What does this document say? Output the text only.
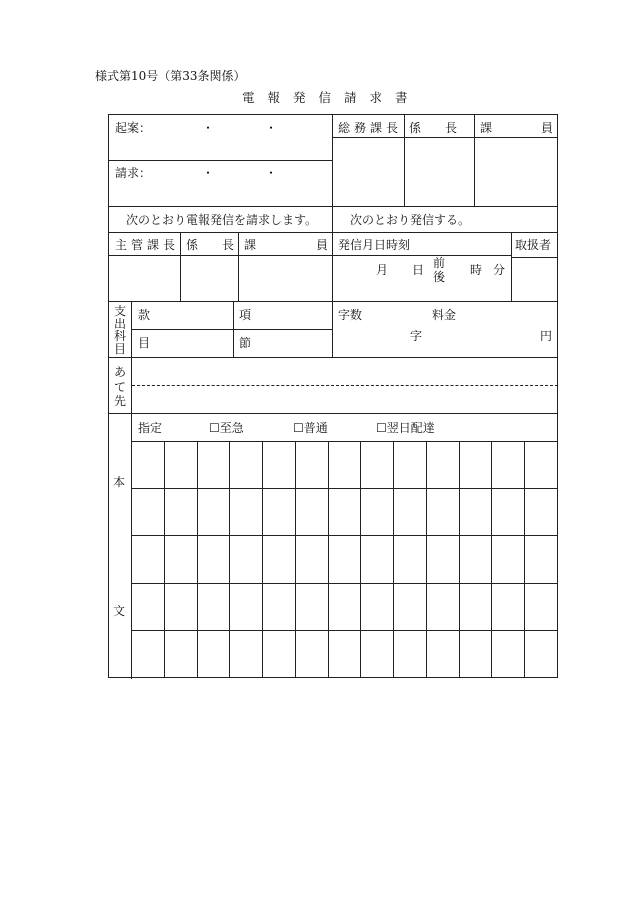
様式第10号（第33条関係）
電報発信請求書
起案：	・	・
請求：	・	・
総務課長 係　　長 課	員
次のとおり電報発信を請求します。	次のとおり発信する。
主管課長 係　　長 課	員 発信月日時刻	取扱者
月 日 前
後 時 分
支
出
科
目
款	項
目	節
字数	料金
字	円
あ
て
先
本
文
指定	☐至急	☐普通	☐翌日配達
